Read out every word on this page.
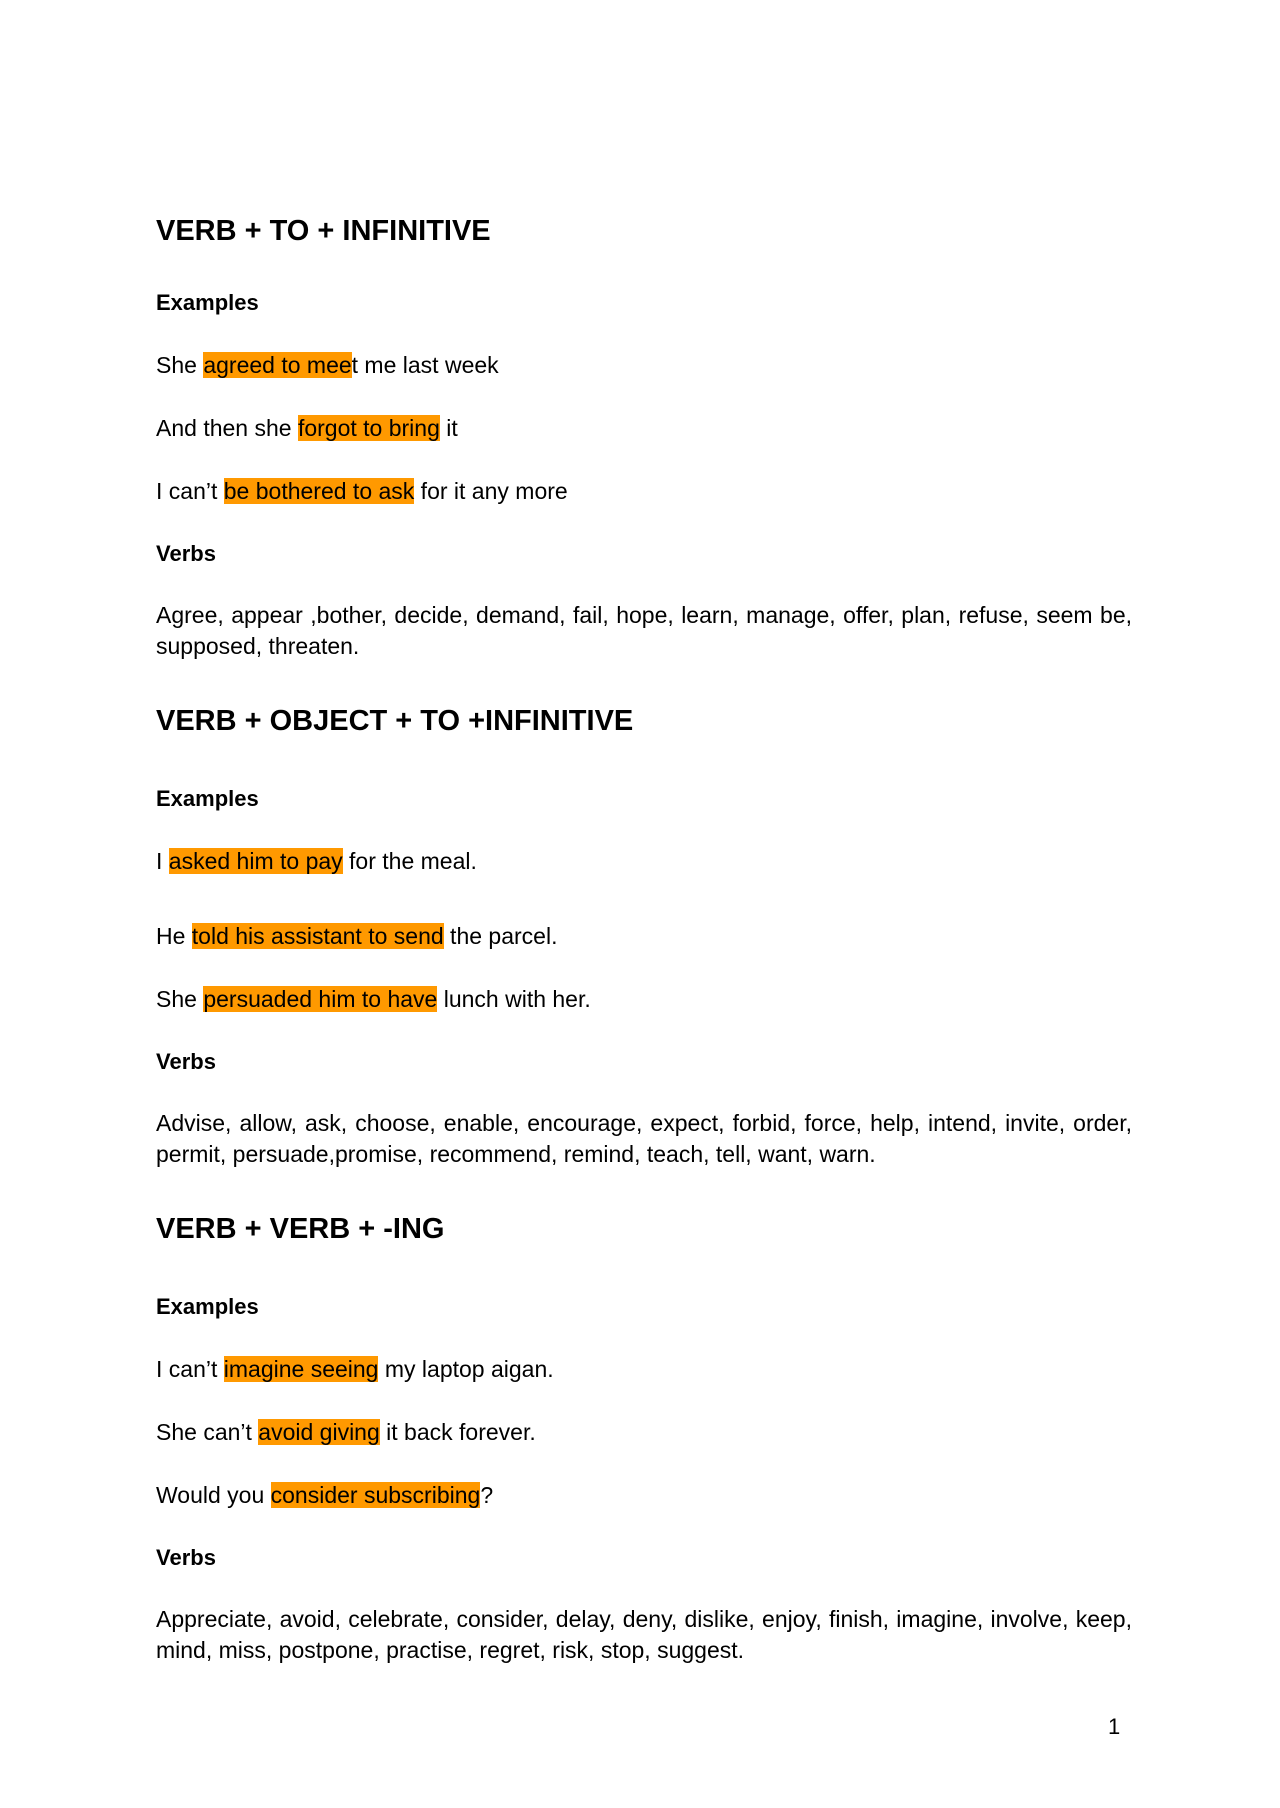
VERB + TO + INFINITIVE
Examples

She agreed to meet me last week

And then she forgot to bring it

I can’t be bothered to ask for it any more

Verbs

Agree, appear ,bother, decide, demand, fail, hope, learn, manage, offer, plan, refuse, seem be, supposed, threaten.

VERB + OBJECT + TO +INFINITIVE
Examples

I asked him to pay for the meal.

He told his assistant to send the parcel.

She persuaded him to have lunch with her.

Verbs

Advise, allow, ask, choose, enable, encourage, expect, forbid, force, help, intend, invite, order, permit, persuade,promise, recommend, remind, teach, tell, want, warn.

VERB + VERB + -ING
Examples

I can’t imagine seeing my laptop aigan.

She can’t avoid giving it back forever.

Would you consider subscribing?

Verbs

Appreciate, avoid, celebrate, consider, delay, deny, dislike, enjoy, finish, imagine, involve, keep, mind, miss, postpone, practise, regret, risk, stop, suggest.

1
